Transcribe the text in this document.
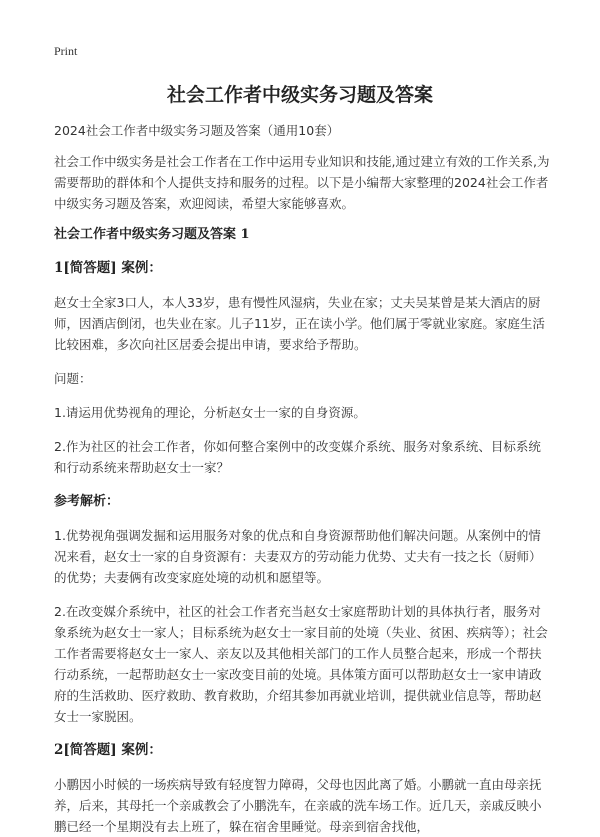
Print
社会工作者中级实务习题及答案

2024社会工作者中级实务习题及答案（通用10套）

社会工作中级实务是社会工作者在工作中运用专业知识和技能,通过建立有效的工作关系,为需要帮助的群体和个人提供支持和服务的过程。以下是小编帮大家整理的2024社会工作者中级实务习题及答案，欢迎阅读，希望大家能够喜欢。

社会工作者中级实务习题及答案 1

1[简答题] 案例：

赵女士全家3口人，本人33岁，患有慢性风湿病，失业在家；丈夫吴某曾是某大酒店的厨师，因酒店倒闭，也失业在家。儿子11岁，正在读小学。他们属于零就业家庭。家庭生活比较困难，多次向社区居委会提出申请，要求给予帮助。

问题：

1.请运用优势视角的理论，分析赵女士一家的自身资源。

2.作为社区的社会工作者，你如何整合案例中的改变媒介系统、服务对象系统、目标系统和行动系统来帮助赵女士一家？

参考解析：

1.优势视角强调发掘和运用服务对象的优点和自身资源帮助他们解决问题。从案例中的情况来看，赵女士一家的自身资源有：夫妻双方的劳动能力优势、丈夫有一技之长（厨师）的优势；夫妻俩有改变家庭处境的动机和愿望等。

2.在改变媒介系统中，社区的社会工作者充当赵女士家庭帮助计划的具体执行者，服务对象系统为赵女士一家人；目标系统为赵女士一家目前的处境（失业、贫困、疾病等）；社会工作者需要将赵女士一家人、亲友以及其他相关部门的工作人员整合起来，形成一个帮扶行动系统，一起帮助赵女士一家改变目前的处境。具体策方面可以帮助赵女士一家申请政府的生活救助、医疗救助、教育救助，介绍其参加再就业培训，提供就业信息等，帮助赵女士一家脱困。

2[简答题] 案例：

小鹏因小时候的一场疾病导致有轻度智力障碍，父母也因此离了婚。小鹏就一直由母亲抚养，后来，其母托一个亲戚教会了小鹏洗车，在亲戚的洗车场工作。近几天，亲戚反映小鹏已经一个星期没有去上班了，躲在宿舍里睡觉。母亲到宿舍找他，
